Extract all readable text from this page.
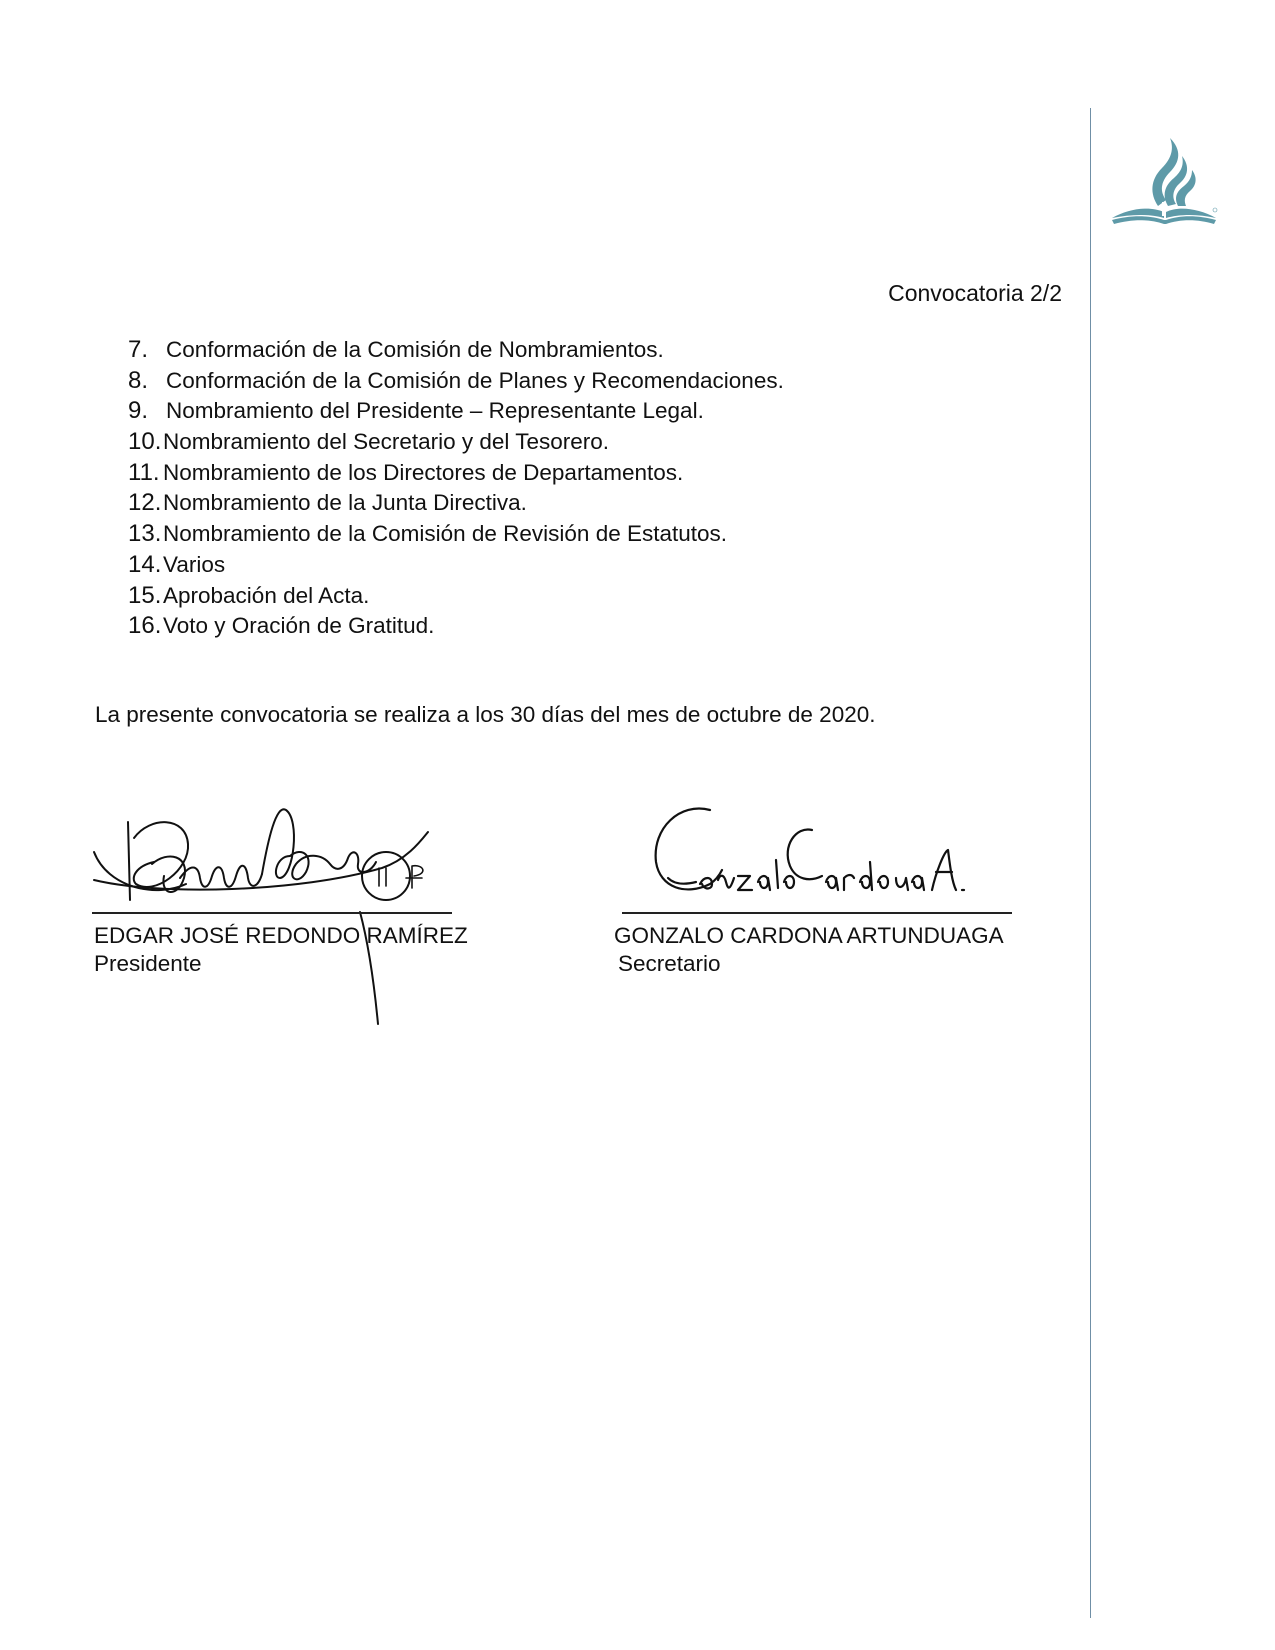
Convocatoria 2/2
7. Conformación de la Comisión de Nombramientos.
8. Conformación de la Comisión de Planes y Recomendaciones.
9. Nombramiento del Presidente – Representante Legal.
10. Nombramiento del Secretario y del Tesorero.
11. Nombramiento de los Directores de Departamentos.
12. Nombramiento de la Junta Directiva.
13. Nombramiento de la Comisión de Revisión de Estatutos.
14. Varios
15. Aprobación del Acta.
16. Voto y Oración de Gratitud.
La presente convocatoria se realiza a los 30 días del mes de octubre de 2020.
EDGAR JOSÉ REDONDO RAMÍREZ
Presidente
GONZALO CARDONA ARTUNDUAGA
Secretario
